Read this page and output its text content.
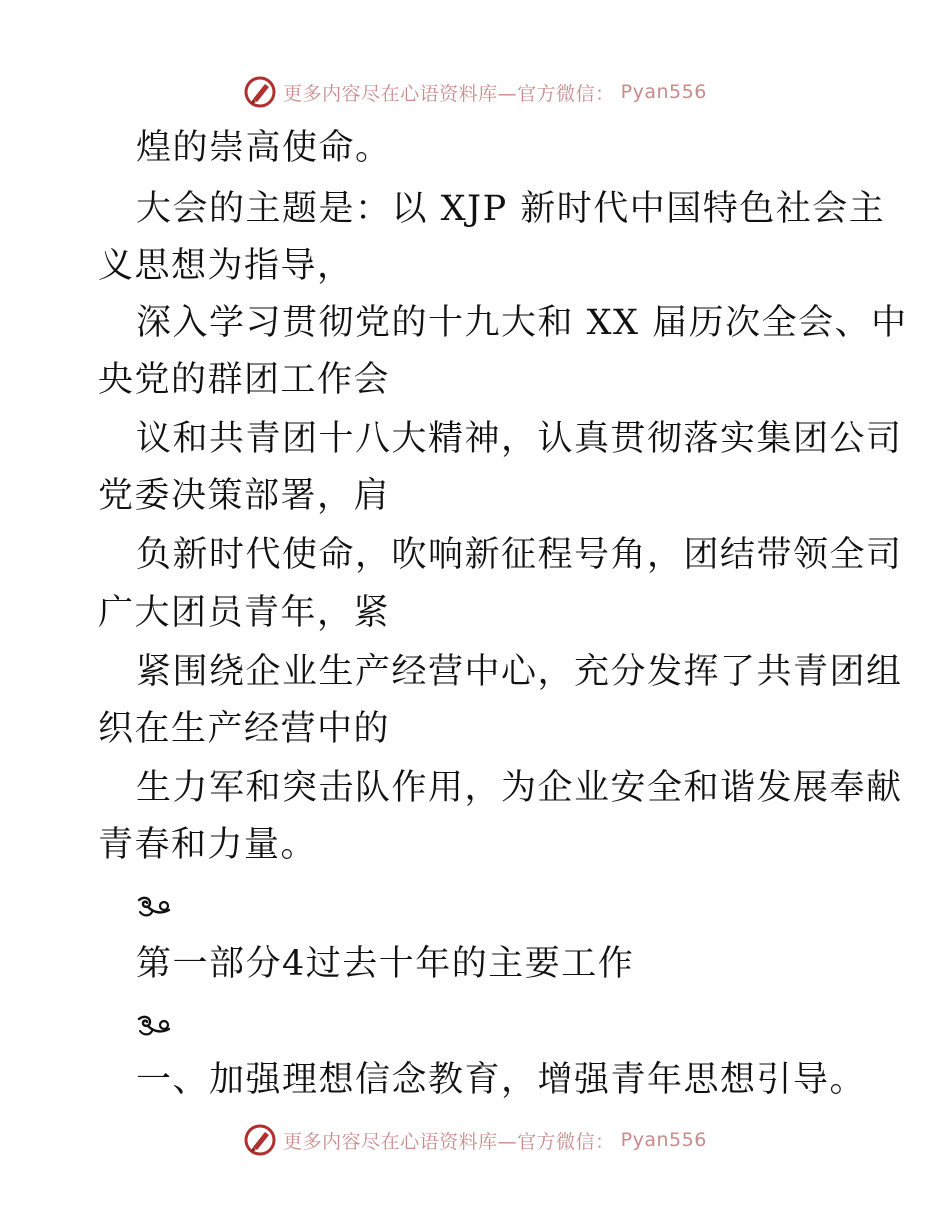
更多内容尽在心语资料库—官方微信： Pyan556
煌的崇高使命。
大会的主题是：以 XJP 新时代中国特色社会主
义思想为指导，
深入学习贯彻党的十九大和 XX 届历次全会、中
央党的群团工作会
议和共青团十八大精神，认真贯彻落实集团公司
党委决策部署，肩
负新时代使命，吹响新征程号角，团结带领全司
广大团员青年，紧
紧围绕企业生产经营中心，充分发挥了共青团组
织在生产经营中的
生力军和突击队作用，为企业安全和谐发展奉献
青春和力量。
第一部分4过去十年的主要工作
一、加强理想信念教育，增强青年思想引导。
更多内容尽在心语资料库—官方微信： Pyan556
